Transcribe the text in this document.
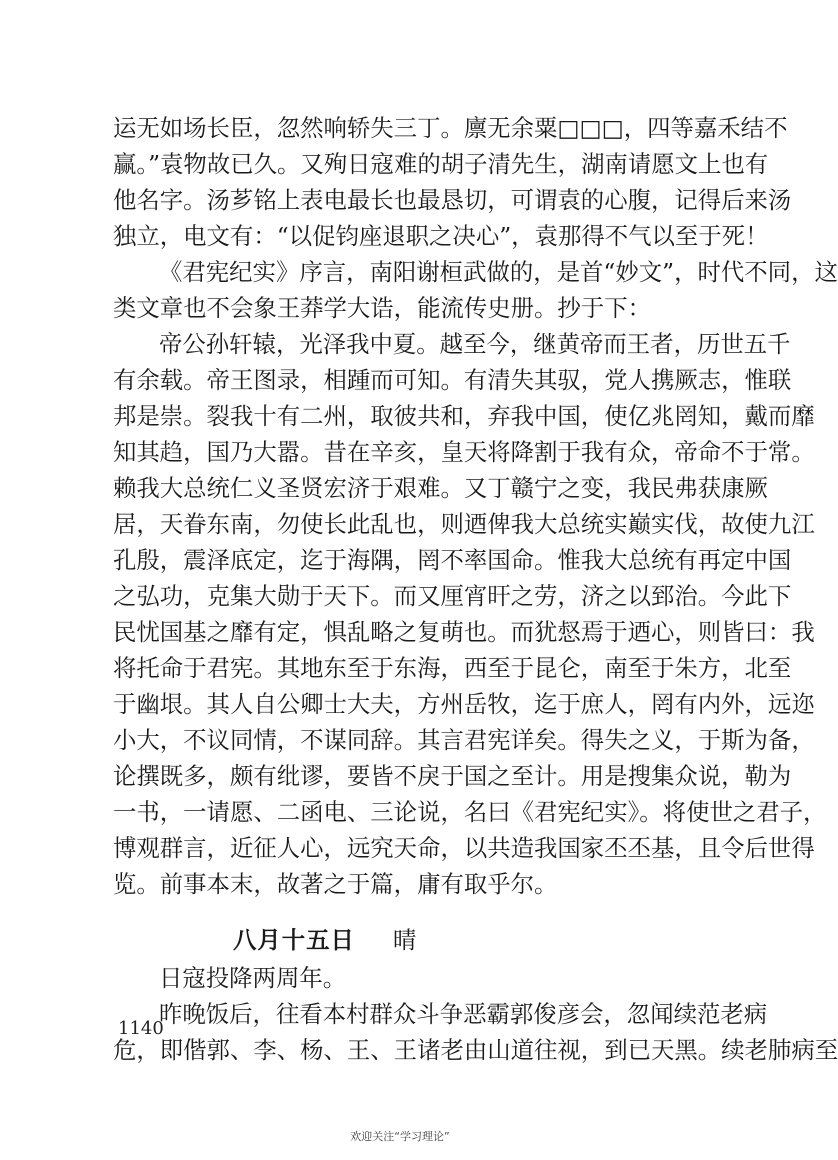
运无如场长臣，忽然响轿失三丁。廪无余粟□□□，四等嘉禾结不
赢。”袁物故已久。又殉日寇难的胡子清先生，湖南请愿文上也有
他名字。汤芗铭上表电最长也最恳切，可谓袁的心腹，记得后来汤
独立，电文有：“以促钧座退职之决心”，袁那得不气以至于死！
《君宪纪实》序言，南阳谢桓武做的，是首“妙文”，时代不同，这
类文章也不会象王莽学大诰，能流传史册。抄于下：
帝公孙轩辕，光泽我中夏。越至今，继黄帝而王者，历世五千
有余载。帝王图录，相踵而可知。有清失其驭，党人携厥志，惟联
邦是崇。裂我十有二州，取彼共和，弃我中国，使亿兆罔知，戴而靡
知其趋，国乃大嚣。昔在辛亥，皇天将降割于我有众，帝命不于常。
赖我大总统仁义圣贤宏济于艰难。又丁赣宁之变，我民弗获康厥
居，天眷东南，勿使长此乱也，则迺俾我大总统实巅实伐，故使九江
孔殷，震泽底定，迄于海隅，罔不率国命。惟我大总统有再定中国
之弘功，克集大勋于天下。而又厘宵旰之劳，济之以郅治。今此下
民忧国基之靡有定，惧乱略之复萌也。而犹惄焉于迺心，则皆曰：我
将托命于君宪。其地东至于东海，西至于昆仑，南至于朱方，北至
于幽垠。其人自公卿士大夫，方州岳牧，迄于庶人，罔有内外，远迩
小大，不议同情，不谋同辞。其言君宪详矣。得失之义，于斯为备，
论撰既多，颇有纰谬，要皆不戾于国之至计。用是搜集众说，勒为
一书，一请愿、二函电、三论说，名曰《君宪纪实》。将使世之君子，
博观群言，近征人心，远究天命，以共造我国家丕丕基，且令后世得
览。前事本末，故著之于篇，庸有取乎尔。
八月十五日 晴
日寇投降两周年。
昨晚饭后，往看本村群众斗争恶霸郭俊彦会，忽闻续范老病
危，即偕郭、李、杨、王、王诸老由山道往视，到已天黑。续老肺病至
1140
欢迎关注“学习理论”
